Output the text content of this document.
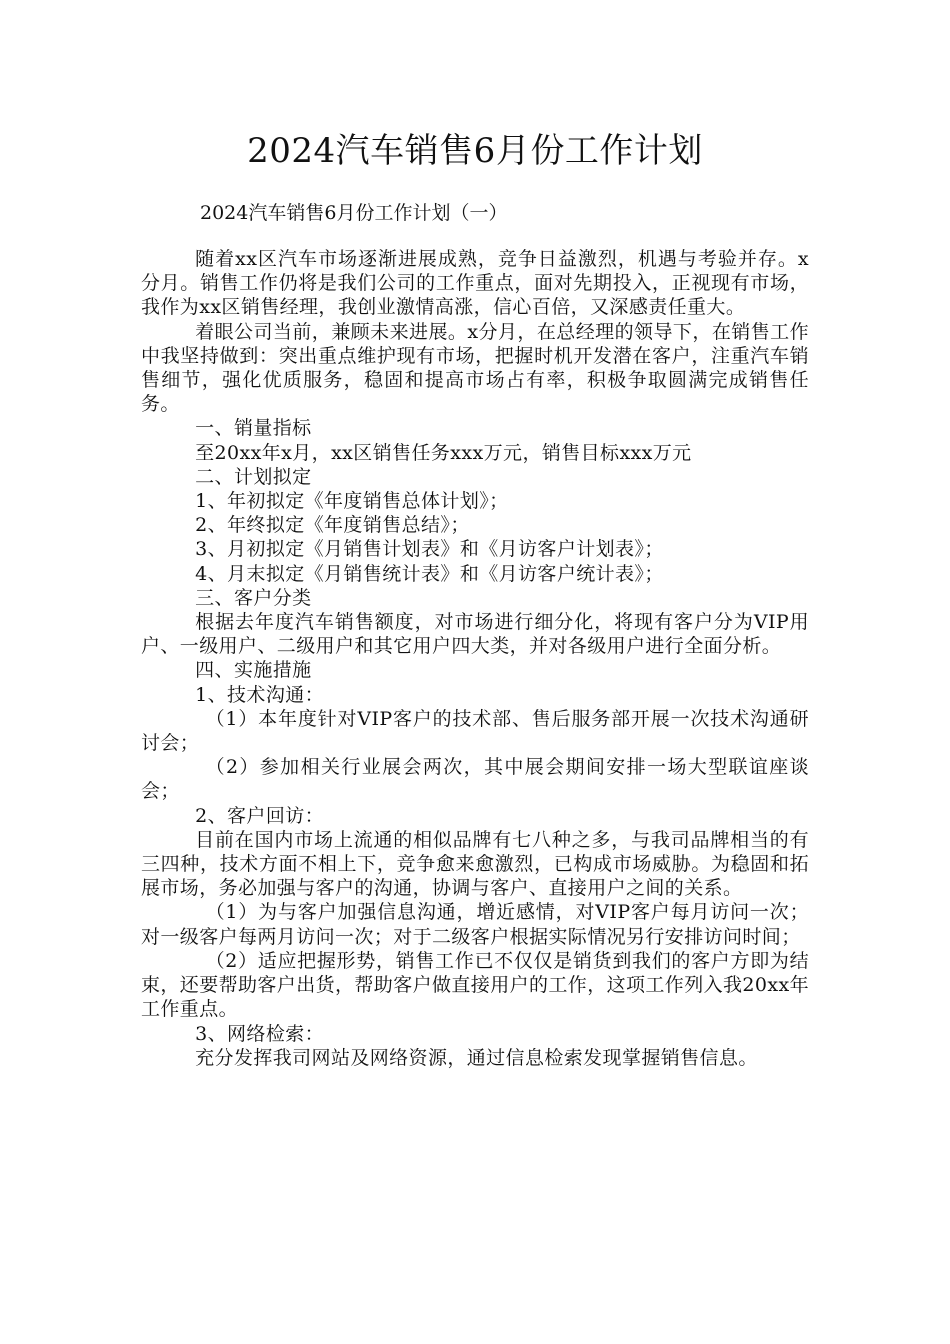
2024汽车销售6月份工作计划
2024汽车销售6月份工作计划（一）

随着xx区汽车市场逐渐进展成熟，竞争日益激烈，机遇与考验并存。x分月。销售工作仍将是我们公司的工作重点，面对先期投入，正视现有市场，我作为xx区销售经理，我创业激情高涨，信心百倍，又深感责任重大。

着眼公司当前，兼顾未来进展。x分月，在总经理的领导下，在销售工作中我坚持做到：突出重点维护现有市场，把握时机开发潜在客户，注重汽车销售细节，强化优质服务，稳固和提高市场占有率，积极争取圆满完成销售任务。

一、销量指标

至20xx年x月，xx区销售任务xxx万元，销售目标xxx万元

二、计划拟定

1、年初拟定《年度销售总体计划》；

2、年终拟定《年度销售总结》；

3、月初拟定《月销售计划表》和《月访客户计划表》；

4、月末拟定《月销售统计表》和《月访客户统计表》；

三、客户分类

根据去年度汽车销售额度，对市场进行细分化，将现有客户分为VIP用户、一级用户、二级用户和其它用户四大类，并对各级用户进行全面分析。

四、实施措施

1、技术沟通：

（1）本年度针对VIP客户的技术部、售后服务部开展一次技术沟通研讨会；

（2）参加相关行业展会两次，其中展会期间安排一场大型联谊座谈会；

2、客户回访：

目前在国内市场上流通的相似品牌有七八种之多，与我司品牌相当的有三四种，技术方面不相上下，竞争愈来愈激烈，已构成市场威胁。为稳固和拓展市场，务必加强与客户的沟通，协调与客户、直接用户之间的关系。

（1）为与客户加强信息沟通，增近感情，对VIP客户每月访问一次；对一级客户每两月访问一次；对于二级客户根据实际情况另行安排访问时间；

（2）适应把握形势，销售工作已不仅仅是销货到我们的客户方即为结束，还要帮助客户出货，帮助客户做直接用户的工作，这项工作列入我20xx年工作重点。

3、网络检索：

充分发挥我司网站及网络资源，通过信息检索发现掌握销售信息。
